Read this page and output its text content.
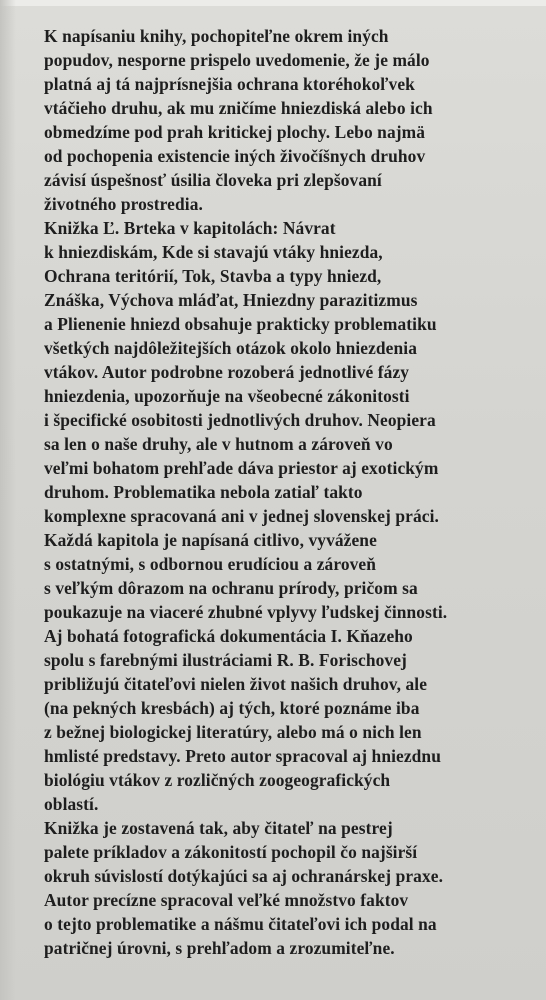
K napísaniu knihy, pochopiteľne okrem iných
popudov, nesporne prispelo uvedomenie, že je málo
platná aj tá najprísnejšia ochrana ktoréhokoľvek
vtáčieho druhu, ak mu zničíme hniezdiská alebo ich
obmedzíme pod prah kritickej plochy. Lebo najmä
od pochopenia existencie iných živočíšnych druhov
závisí úspešnosť úsilia človeka pri zlepšovaní
životného prostredia.
Knižka Ľ. Brteka v kapitolách: Návrat
k hniezdiskám, Kde si stavajú vtáky hniezda,
Ochrana teritórií, Tok, Stavba a typy hniezd,
Znáška, Výchova mláďat, Hniezdny parazitizmus
a Plienenie hniezd obsahuje prakticky problematiku
všetkých najdôležitejších otázok okolo hniezdenia
vtákov. Autor podrobne rozoberá jednotlivé fázy
hniezdenia, upozorňuje na všeobecné zákonitosti
i špecifické osobitosti jednotlivých druhov. Neopiera
sa len o naše druhy, ale v hutnom a zároveň vo
veľmi bohatom prehľade dáva priestor aj exotickým
druhom. Problematika nebola zatiaľ takto
komplexne spracovaná ani v jednej slovenskej práci.
Každá kapitola je napísaná citlivo, vyvážene
s ostatnými, s odbornou erudíciou a zároveň
s veľkým dôrazom na ochranu prírody, pričom sa
poukazuje na viaceré zhubné vplyvy ľudskej činnosti.
Aj bohatá fotografická dokumentácia I. Kňazeho
spolu s farebnými ilustráciami R. B. Forischovej
približujú čitateľovi nielen život našich druhov, ale
(na pekných kresbách) aj tých, ktoré poznáme iba
z bežnej biologickej literatúry, alebo má o nich len
hmlisté predstavy. Preto autor spracoval aj hniezdnu
biológiu vtákov z rozličných zoogeografických
oblastí.
Knižka je zostavená tak, aby čitateľ na pestrej
palete príkladov a zákonitostí pochopil čo najširší
okruh súvislostí dotýkajúci sa aj ochranárskej praxe.
Autor precízne spracoval veľké množstvo faktov
o tejto problematike a nášmu čitateľovi ich podal na
patričnej úrovni, s prehľadom a zrozumiteľne.
